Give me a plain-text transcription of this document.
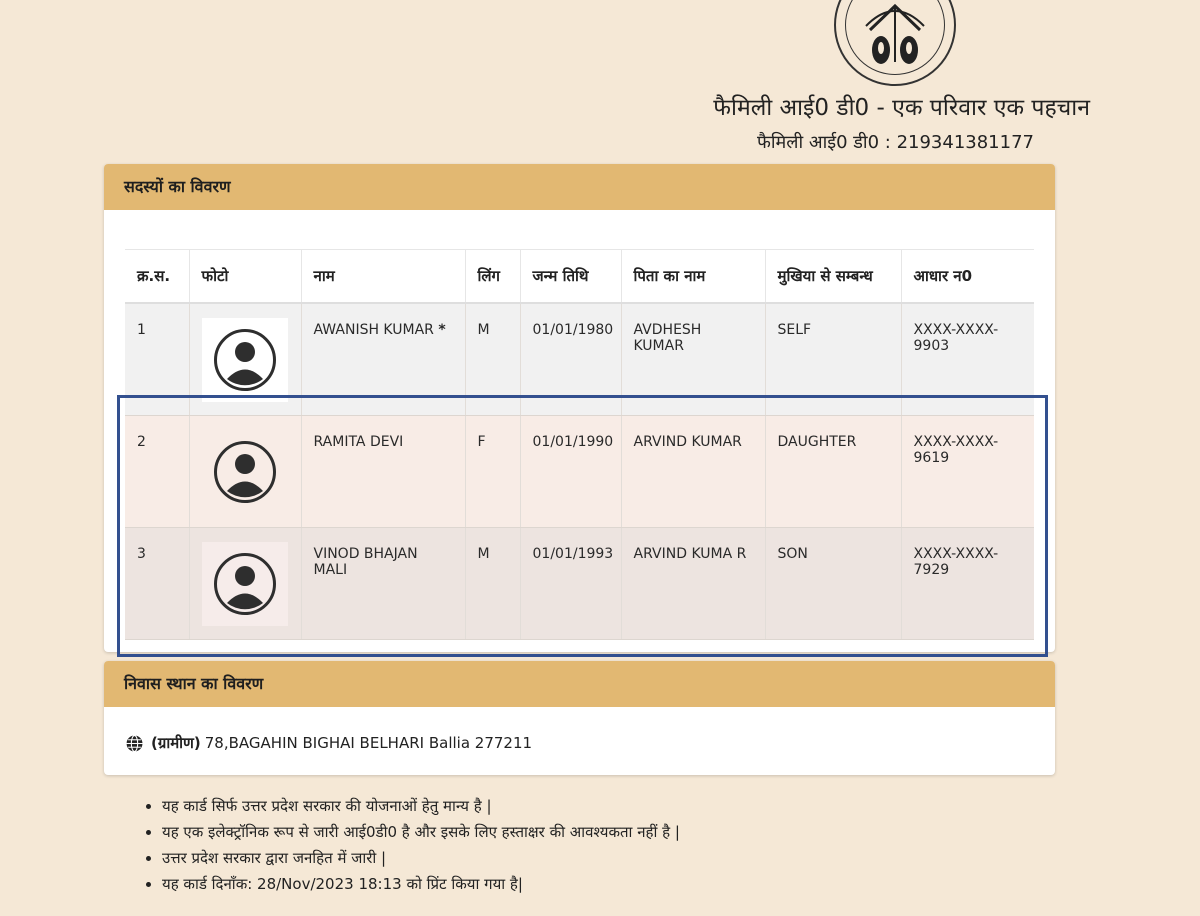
फैमिली आई0 डी0 - एक परिवार एक पहचान
फैमिली आई0 डी0 : 219341381177
सदस्यों का विवरण
क्र.स.	फोटो	नाम	लिंग	जन्म तिथि	पिता का नाम	मुखिया से सम्बन्ध	आधार न0
1		AWANISH KUMAR *	M	01/01/1980	AVDHESH KUMAR	SELF	XXXX-XXXX-9903
2		RAMITA DEVI	F	01/01/1990	ARVIND KUMAR	DAUGHTER	XXXX-XXXX-9619
3		VINOD BHAJAN MALI	M	01/01/1993	ARVIND KUMA R	SON	XXXX-XXXX-7929
निवास स्थान का विवरण
(ग्रामीण) 78,BAGAHIN BIGHAI BELHARI Ballia 277211
• यह कार्ड सिर्फ उत्तर प्रदेश सरकार की योजनाओं हेतु मान्य है |
• यह एक इलेक्ट्रॉनिक रूप से जारी आई0डी0 है और इसके लिए हस्ताक्षर की आवश्यकता नहीं है |
• उत्तर प्रदेश सरकार द्वारा जनहित में जारी |
• यह कार्ड दिनाँक: 28/Nov/2023 18:13 को प्रिंट किया गया है|
